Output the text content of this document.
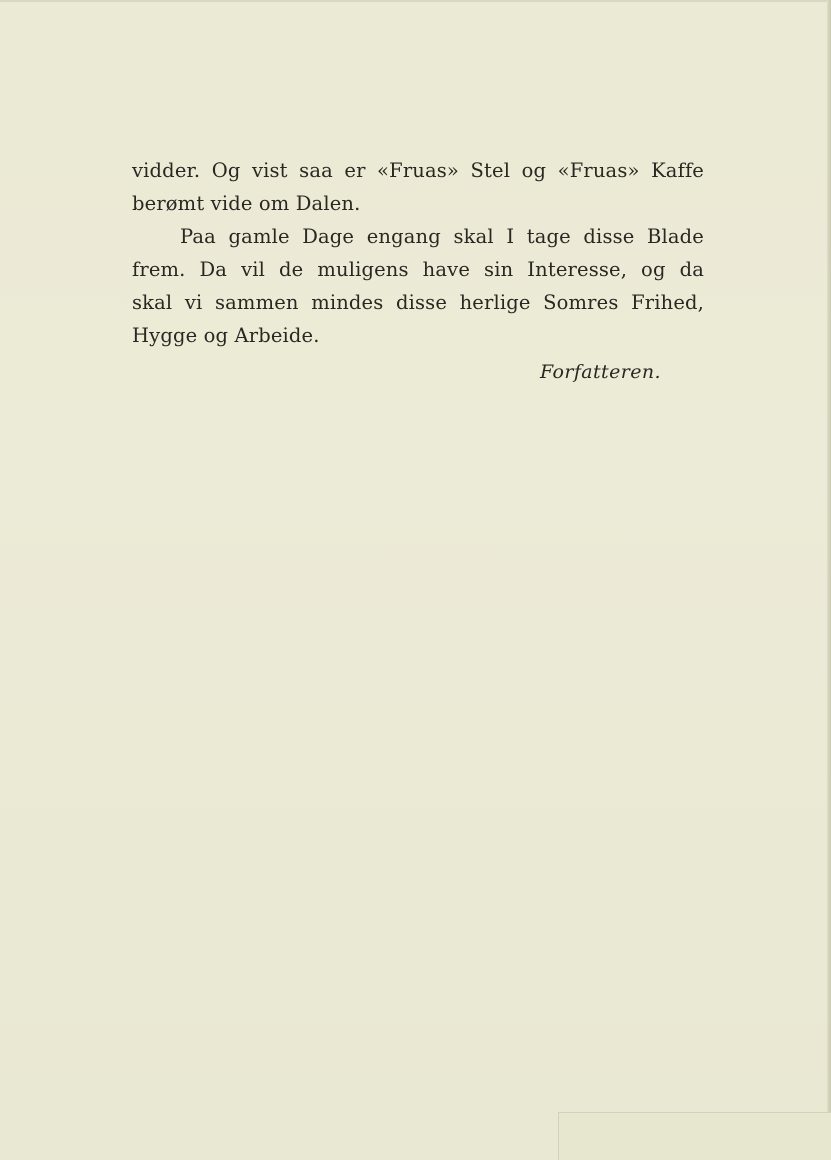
vidder. Og vist saa er «Fruas» Stel og «Fruas» Kaffe
berømt vide om Dalen.
Paa gamle Dage engang skal I tage disse Blade
frem. Da vil de muligens have sin Interesse, og da
skal vi sammen mindes disse herlige Somres Frihed,
Hygge og Arbeide.
Forfatteren.
